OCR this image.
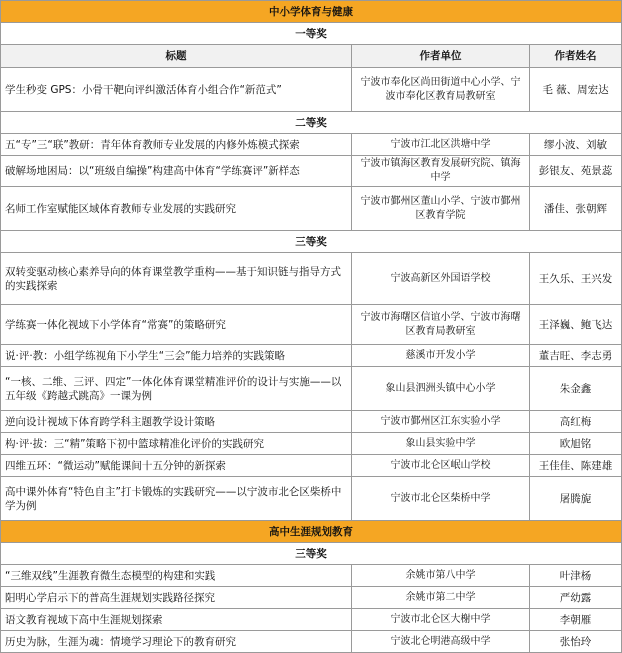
中小学体育与健康		
一等奖		
标题	作者单位	作者姓名
学生秒变 GPS：小骨干靶向评纠激活体育小组合作“新范式”	宁波市奉化区尚田街道中心小学、宁波市奉化区教育局教研室	毛 薇、周宏达
二等奖		
五“专”三“联”教研：青年体育教师专业发展的内修外炼模式探索	宁波市江北区洪塘中学	缪小波、刘敏
破解场地困局：以“班级自编操”构建高中体育“学练赛评”新样态	宁波市镇海区教育发展研究院、镇海中学	彭银友、苑景蕊
名师工作室赋能区域体育教师专业发展的实践研究	宁波市鄞州区董山小学、宁波市鄞州区教育学院	潘佳、张朝辉
三等奖		
双转变驱动核心素养导向的体育课堂教学重构——基于知识链与指导方式的实践探索	宁波高新区外国语学校	王久乐、王兴发
学练赛一体化视域下小学体育“常赛”的策略研究	宁波市海曙区信谊小学、宁波市海曙区教育局教研室	王泽巍、鲍飞达
说·评·教：小组学练视角下小学生“三会”能力培养的实践策略	慈溪市开发小学	董吉旺、李志勇
“一核、二维、三评、四定”一体化体育课堂精准评价的设计与实施——以五年级《跨越式跳高》一课为例	象山县泗洲头镇中心小学	朱金鑫
逆向设计视域下体育跨学科主题教学设计策略	宁波市鄞州区江东实验小学	高红梅
构·评·拔：三“精”策略下初中篮球精准化评价的实践研究	象山县实验中学	欧旭铭
四维五环：“微运动”赋能课间十五分钟的新探索	宁波市北仑区岷山学校	王佳佳、陈建雄
高中课外体育“特色自主”打卡锻炼的实践研究——以宁波市北仑区柴桥中学为例	宁波市北仑区柴桥中学	屠腾旎
高中生涯规划教育		
三等奖		
“三维双线”生涯教育微生态模型的构建和实践	余姚市第八中学	叶津杨
阳明心学启示下的普高生涯规划实践路径探究	余姚市第二中学	严幼露
语文教育视域下高中生涯规划探索	宁波市北仑区大榭中学	李朝雁
历史为脉，生涯为魂：情境学习理论下的教育研究	宁波北仑明港高级中学	张怡玲
